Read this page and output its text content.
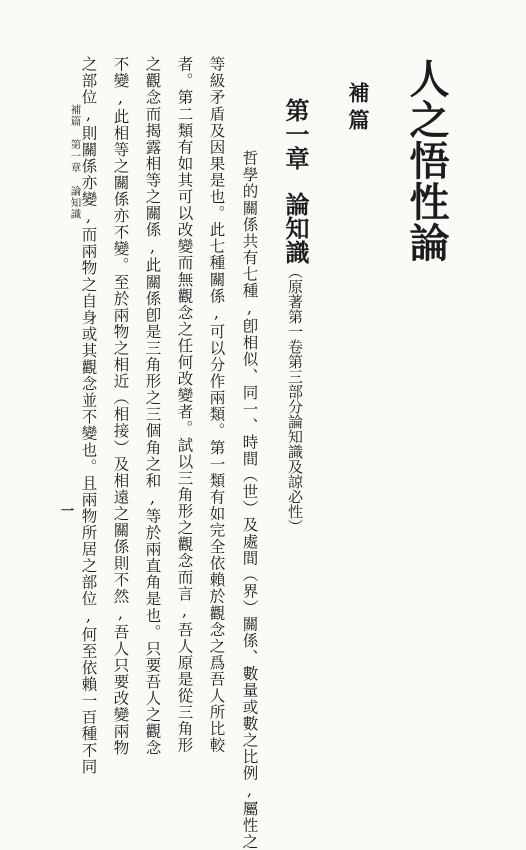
人之悟性論
補篇
第一章論知識（原著第一卷第三部分論知識及諒必性）
哲學的關係共有七種,卽相似、同一、時間（世）及處間（界）關係、數量或數之比例,屬性之
等級矛盾及因果是也。此七種關係,可以分作兩類。第一類有如完全依賴於觀念之爲吾人所比較
者。第二類有如其可以改變而無觀念之任何改變者。試以三角形之觀念而言,吾人原是從三角形
之觀念而揭露相等之關係,此關係卽是三角形之三個角之和,等於兩直角是也。只要吾人之觀念
不變,此相等之關係亦不變。至於兩物之相近（相接）及相遠之關係則不然,吾人只要改變兩物
之部位,則關係亦變,而兩物之自身或其觀念並不變也。且兩物所居之部位,何至依賴一百種不同
補篇第一章論知識
一
